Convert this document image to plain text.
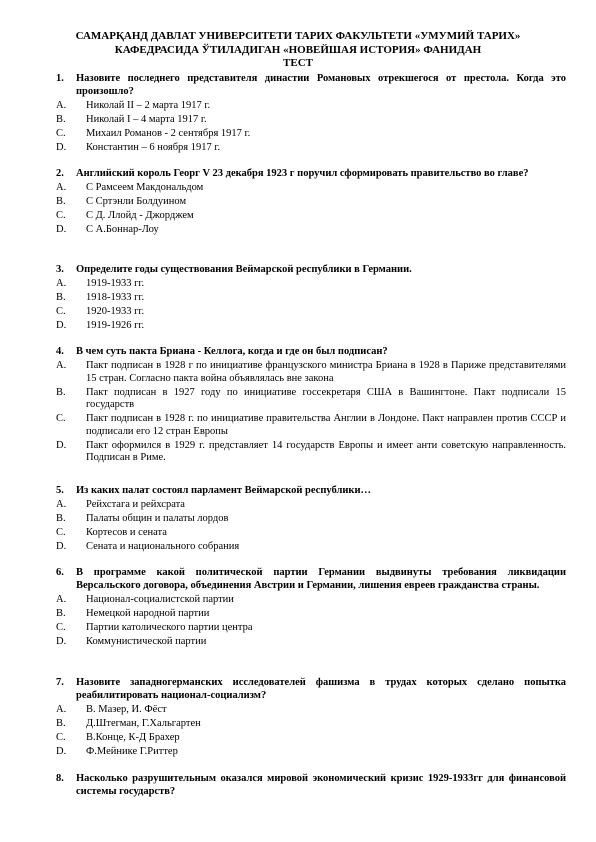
САМАРҚАНД ДАВЛАТ УНИВЕРСИТЕТИ ТАРИХ ФАКУЛЬТЕТИ «УМУМИЙ ТАРИХ»
КАФЕДРАСИДА ЎТИЛАДИГАН «НОВЕЙШАЯ ИСТОРИЯ» ФАНИДАН
ТЕСТ
1. Назовите последнего представителя династии Романовых отрекшегося от престола. Когда это произошло?
A. Николай II – 2 марта 1917 г.
B. Николай I – 4 марта 1917 г.
C. Михаил Романов - 2 сентября 1917 г.
D. Константин – 6 ноября 1917 г.
2. Английский король Георг V 23 декабря 1923 г поручил сформировать правительство во главе?
A. С Рамсеем Макдональдом
B. С Сртэнли Болдуином
C. С Д. Ллойд - Джорджем
D. С А.Боннар-Лоу
3. Определите годы существования Веймарской республики в Германии.
A. 1919-1933 гг.
B. 1918-1933 гг.
C. 1920-1933 гг.
D. 1919-1926 гг.
4. В чем суть пакта Бриана - Келлога, когда и где он был подписан?
A. Пакт подписан в 1928 г по инициативе французского министра Бриана в 1928 в Париже представителями 15 стран. Согласно пакта война объявлялась вне закона
B. Пакт подписан в 1927 году по инициативе госсекретаря США в Вашингтоне. Пакт подписали 15 государств
C. Пакт подписан в 1928 г. по инициативе правительства Англии в Лондоне. Пакт направлен против СССР и подписали его 12 стран Европы
D. Пакт оформился в 1929 г. представляет 14 государств Европы и имеет анти советскую направленность. Подписан в Риме.
5. Из каких палат состоял парламент Веймарской республики…
A. Рейхстага и рейхсрата
B. Палаты общин и палаты лордов
C. Кортесов и сената
D. Сената и национального собрания
6. В программе какой политической партии Германии выдвинуты требования ликвидации Версальского договора, объединения Австрии и Германии, лишения евреев гражданства страны.
A. Национал-социалистской партии
B. Немецкой народной партии
C. Партии католического партии центра
D. Коммунистической партии
7. Назовите западногерманских исследователей фашизма в трудах которых сделано попытка реабилитировать национал-социализм?
A. В. Мазер, И. Фёст
B. Д.Штегман, Г.Хальгартен
C. В.Конце, К-Д Брахер
D. Ф.Мейнике Г.Риттер
8. Насколько разрушительным оказался мировой экономический кризис 1929-1933гг для финансовой системы государств?
